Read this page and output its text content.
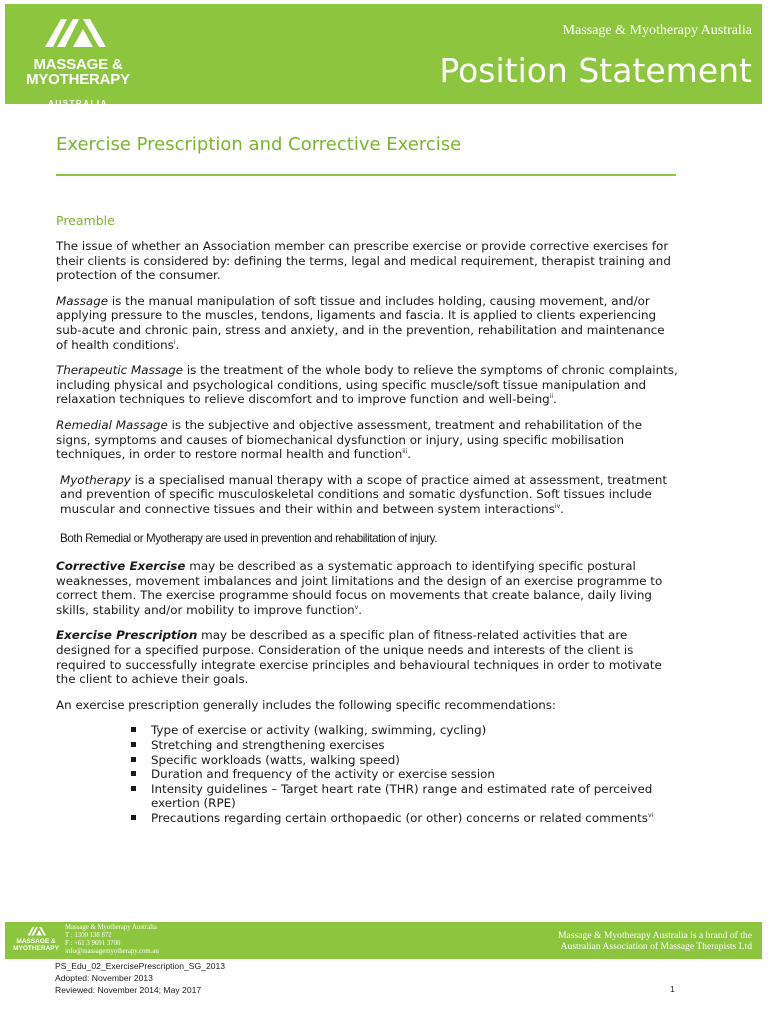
MASSAGE & MYOTHERAPY
AUSTRALIA
Massage & Myotherapy Australia
Position Statement
Exercise Prescription and Corrective Exercise
Preamble

The issue of whether an Association member can prescribe exercise or provide corrective exercises for their clients is considered by: defining the terms, legal and medical requirement, therapist training and protection of the consumer.

Massage is the manual manipulation of soft tissue and includes holding, causing movement, and/or applying pressure to the muscles, tendons, ligaments and fascia. It is applied to clients experiencing sub-acute and chronic pain, stress and anxiety, and in the prevention, rehabilitation and maintenance of health conditions$^i$.

Therapeutic Massage is the treatment of the whole body to relieve the symptoms of chronic complaints, including physical and psychological conditions, using specific muscle/soft tissue manipulation and relaxation techniques to relieve discomfort and to improve function and well-being$^{ii}$.

Remedial Massage is the subjective and objective assessment, treatment and rehabilitation of the signs, symptoms and causes of biomechanical dysfunction or injury, using specific mobilisation techniques, in order to restore normal health and function$^{iii}$.

Myotherapy is a specialised manual therapy with a scope of practice aimed at assessment, treatment and prevention of specific musculoskeletal conditions and somatic dysfunction. Soft tissues include muscular and connective tissues and their within and between system interactions$^{iv}$.

Both Remedial or Myotherapy are used in prevention and rehabilitation of injury.

Corrective Exercise may be described as a systematic approach to identifying specific postural weaknesses, movement imbalances and joint limitations and the design of an exercise programme to correct them. The exercise programme should focus on movements that create balance, daily living skills, stability and/or mobility to improve function$^v$.

Exercise Prescription may be described as a specific plan of fitness-related activities that are designed for a specified purpose. Consideration of the unique needs and interests of the client is required to successfully integrate exercise principles and behavioural techniques in order to motivate the client to achieve their goals.

An exercise prescription generally includes the following specific recommendations:

Type of exercise or activity (walking, swimming, cycling)
Stretching and strengthening exercises
Specific workloads (watts, walking speed)
Duration and frequency of the activity or exercise session
Intensity guidelines – Target heart rate (THR) range and estimated rate of perceived exertion (RPE)
Precautions regarding certain orthopaedic (or other) concerns or related comments$^{vi}$
MASSAGE & MYOTHERAPY
Massage & Myotherapy Australia
T : 1300 138 872
F : +61 3 9691 3700
info@massagemyotherapy.com.au
Massage & Myotherapy Australia is a brand of the
Australian Association of Massage Therapists Ltd
PS_Edu_02_ExercisePrescription_SG_2013
Adopted: November 2013
Reviewed: November 2014; May 2017	1
